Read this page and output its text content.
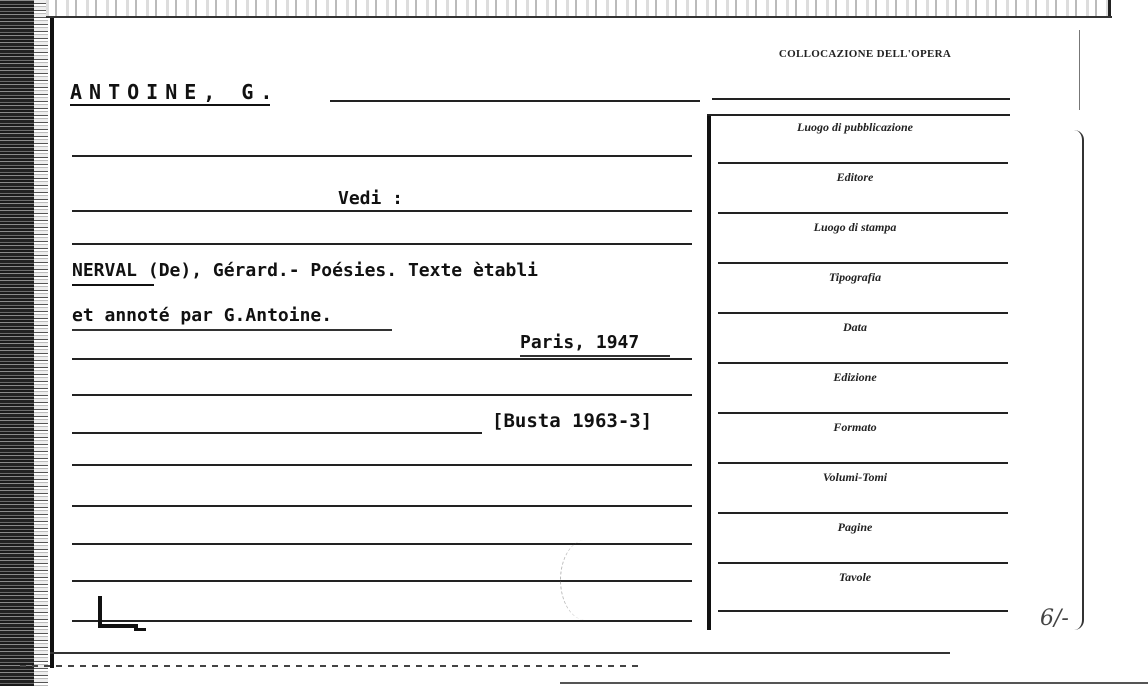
COLLOCAZIONE DELL'OPERA
ANTOINE, G.
Vedi :
NERVAL (De), Gérard.- Poésies. Texte ètabli
et annoté par G.Antoine.
Paris, 1947
[Busta 1963-3]
Luogo di pubblicazione
Editore
Luogo di stampa
Tipografia
Data
Edizione
Formato
Volumi-Tomi
Pagine
Tavole
6/-
